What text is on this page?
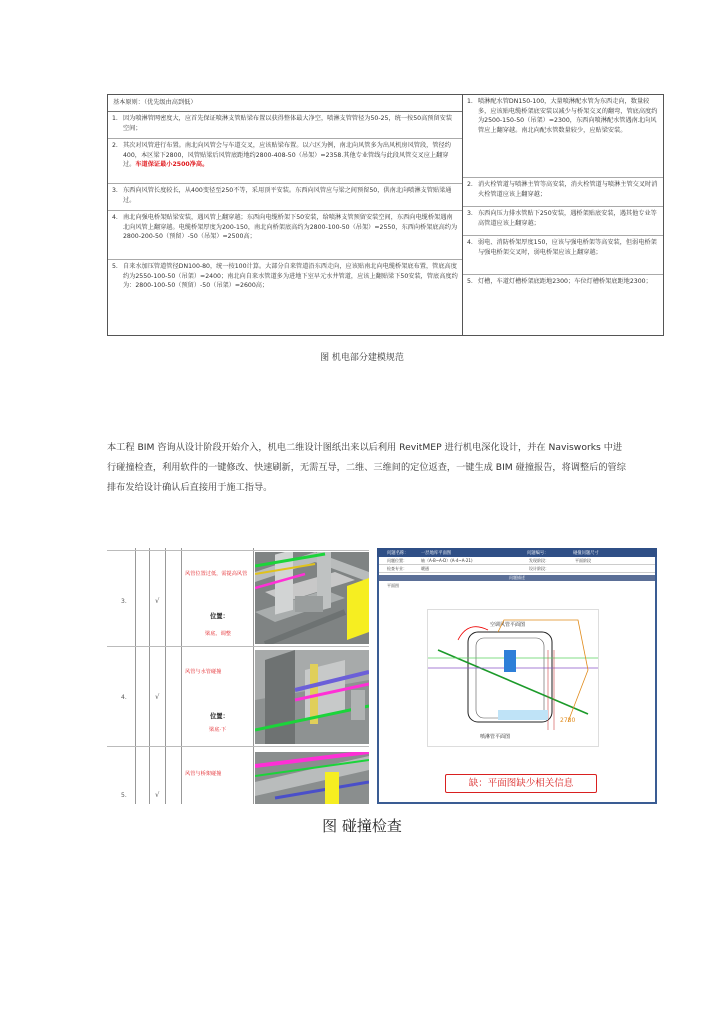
基本原则：（优先级由高到低）
1. 因为喷淋管网密度大，应首先保证喷淋支管贴梁布置以获得整体最大净空，喷淋支管管径为50-25，统一按50高预留安装空间；
2. 其次对风管进行布置。南北向风管会与车道交叉，应该贴梁布置。以六区为例，南北向风管多为出风机房风管段，管径约400，本区梁下2800，风管贴梁后风管底距地约2800-408-50（吊架）=2358.其他专业管线与此段风管交叉应上翻穿过。车道保证最小2500净高。
3. 东西向风管长度较长，从400变径至250不等，采用顶平安装。东西向风管应与梁之间预留50，供南北向喷淋支管贴梁通过。
4. 南北向强电桥架贴梁安装，遇风管上翻穿越；东西向电缆桥架下50安装，给喷淋支管预留安装空间，东西向电缆桥架遇南北向风管上翻穿越。电缆桥架厚度为200-150，南北向桥架底高约为2800-100-50（吊架）=2550，东西向桥架底高约为2800-200-50（预留）-50（吊架）=2500高；
5. 自来水加压管道管径DN100-80，统一按100计算。大部分自来管道沿东西走向，应该贴南北向电缆桥架底布置，管底高度约为2550-100-50（吊架）=2400；南北向自来水管道多为进地下室早元水井管道，应该上翻贴梁下50安装，管底高度约为：2800-100-50（预留）-50（吊架）=2600高；
1. 喷淋配水管DN150-100，大量喷淋配水管为东西走向，数量较多，应该贴电缆桥架底安装以减少与桥架交叉的翻弯，管底高度约为2500-150-50（吊架）=2300，东西向喷淋配水管遇南北向风管应上翻穿越。南北向配水管数量较少，应贴梁安装。
2. 消火栓管道与喷淋主管等高安装，消火栓管道与喷淋主管交叉时消火栓管道应该上翻穿越；
3. 东西向压力排水管贴下250安装，遇桥架贴底安装，遇其他专业等高管道应该上翻穿越；
4. 弱电、消防桥架厚度150，应该与强电桥架等高安装，但弱电桥架与强电桥架交叉时，弱电桥架应该上翻穿越；
5. 灯槽，车道灯槽桥架底距地2300；车位灯槽桥架底距地2300；
图 机电部分建模规范

本工程 BIM 咨询从设计阶段开始介入，机电二维设计图纸出来以后利用 RevitMEP 进行机电深化设计，并在 Navisworks 中进行碰撞检查，利用软件的一键修改、快速刷新，无需互导，二维、三维间的定位返查，一键生成 BIM 碰撞报告，将调整后的管综排布发给设计确认后直接用于施工指导。

3.	√
风管位置过低，需提高风管
位置：
梁底、调整
4.	√
风管与水管碰撞
位置：
梁底·下
5.	√
风管与桥架碰撞
问题名称：	一层地库平面图	问题编号：	碰撞问题尺寸
问题位置：	轴（A-B~A-D）(A-4~A-21)	发现阶段：	平面阶段
检查专业：	暖通	设计阶段：
问题描述
平面图
空调风管平面图
喷淋管平面图
2780
缺：平面图缺少相关信息
图 碰撞检查
